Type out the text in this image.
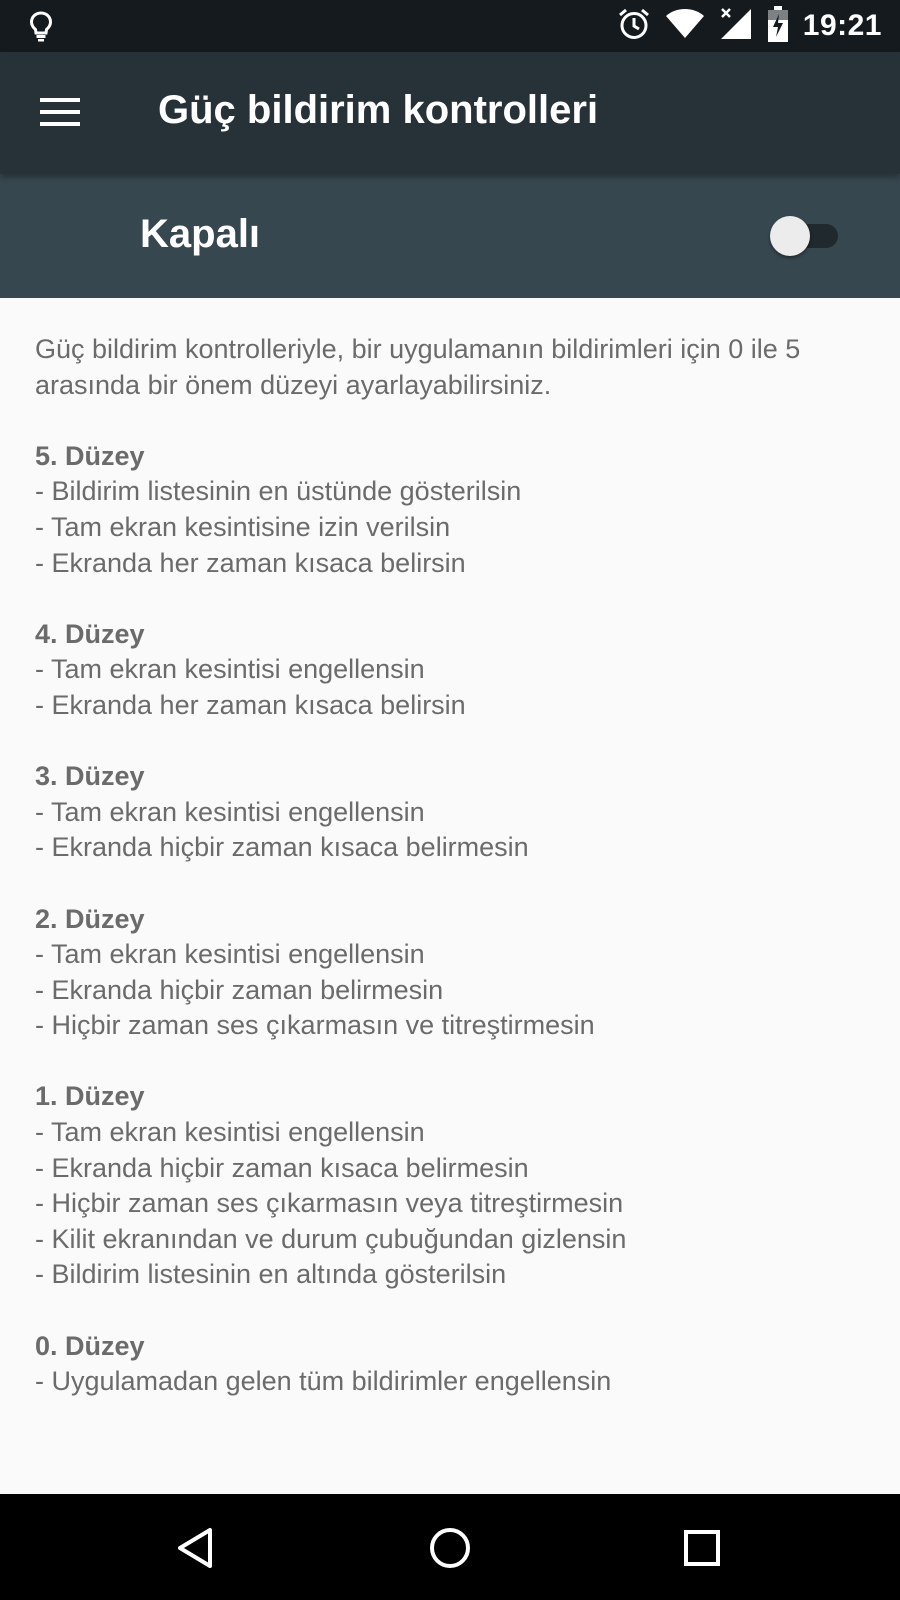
19:21
Güç bildirim kontrolleri
Kapalı

Güç bildirim kontrolleriyle, bir uygulamanın bildirimleri için 0 ile 5 arasında bir önem düzeyi ayarlayabilirsiniz.

5. Düzey

- Bildirim listesinin en üstünde gösterilsin

- Tam ekran kesintisine izin verilsin

- Ekranda her zaman kısaca belirsin

4. Düzey

- Tam ekran kesintisi engellensin

- Ekranda her zaman kısaca belirsin

3. Düzey

- Tam ekran kesintisi engellensin

- Ekranda hiçbir zaman kısaca belirmesin

2. Düzey

- Tam ekran kesintisi engellensin

- Ekranda hiçbir zaman belirmesin

- Hiçbir zaman ses çıkarmasın ve titreştirmesin

1. Düzey

- Tam ekran kesintisi engellensin

- Ekranda hiçbir zaman kısaca belirmesin

- Hiçbir zaman ses çıkarmasın veya titreştirmesin

- Kilit ekranından ve durum çubuğundan gizlensin

- Bildirim listesinin en altında gösterilsin

0. Düzey

- Uygulamadan gelen tüm bildirimler engellensin
